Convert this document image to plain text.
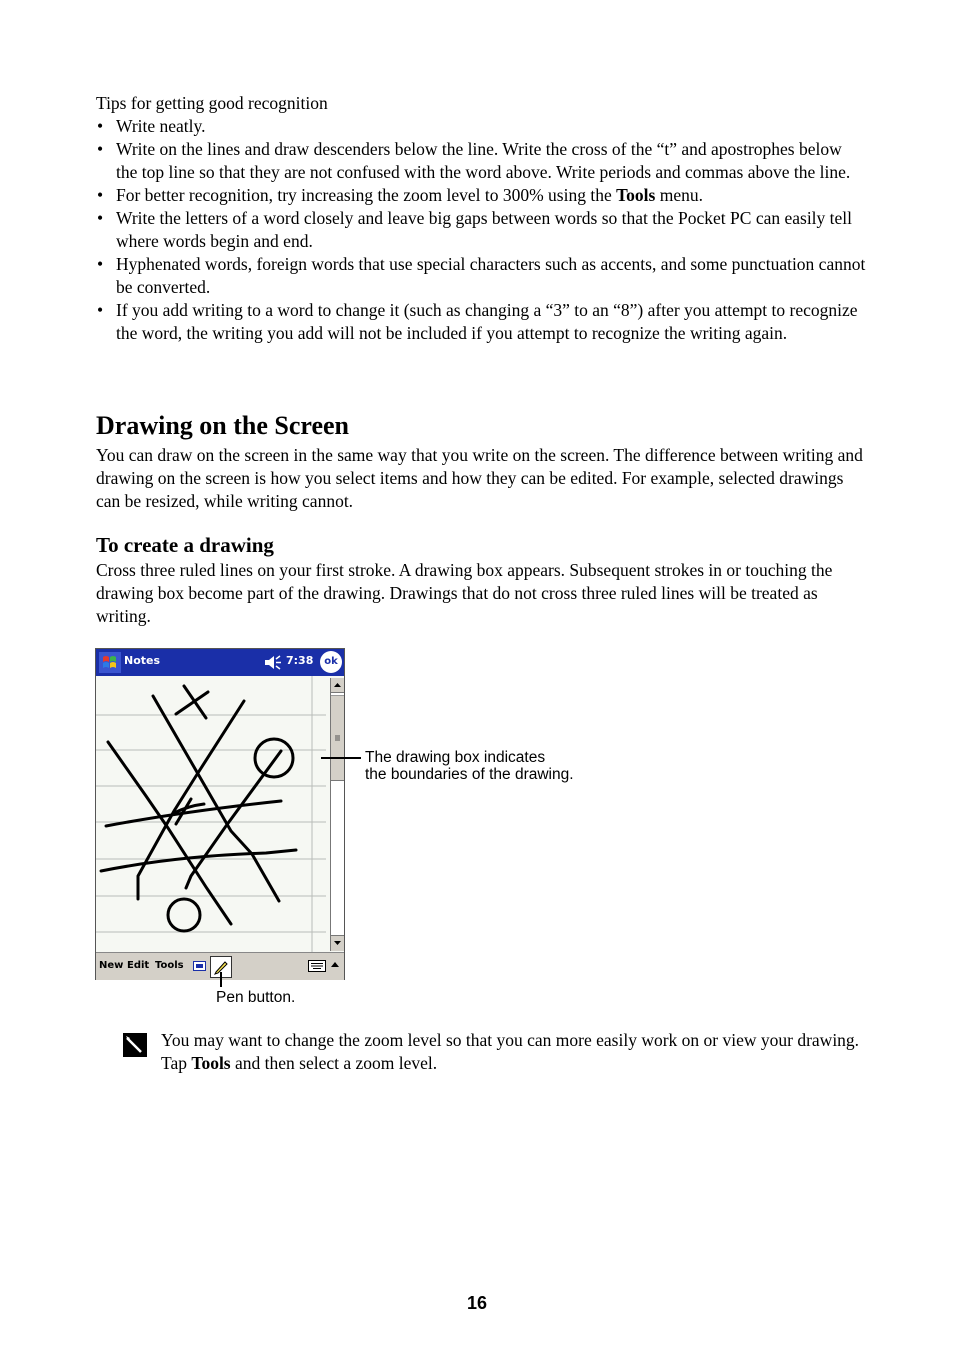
Tips for getting good recognition
• Write neatly.
• Write on the lines and draw descenders below the line. Write the cross of the “t” and apostrophes below the top line so that they are not confused with the word above. Write periods and commas above the line.
• For better recognition, try increasing the zoom level to 300% using the Tools menu.
• Write the letters of a word closely and leave big gaps between words so that the Pocket PC can easily tell where words begin and end.
• Hyphenated words, foreign words that use special characters such as accents, and some punctuation cannot be converted.
• If you add writing to a word to change it (such as changing a “3” to an “8”) after you attempt to recognize the word, the writing you add will not be included if you attempt to recognize the writing again.
Drawing on the Screen
You can draw on the screen in the same way that you write on the screen. The difference between writing and drawing on the screen is how you select items and how they can be edited. For example, selected drawings can be resized, while writing cannot.
To create a drawing
Cross three ruled lines on your first stroke. A drawing box appears. Subsequent strokes in or touching the drawing box become part of the drawing. Drawings that do not cross three ruled lines will be treated as writing.
Notes	7:38	ok
New Edit Tools
The drawing box indicates
the boundaries of the drawing.
Pen button.
You may want to change the zoom level so that you can more easily work on or view your drawing. Tap Tools and then select a zoom level.
16
